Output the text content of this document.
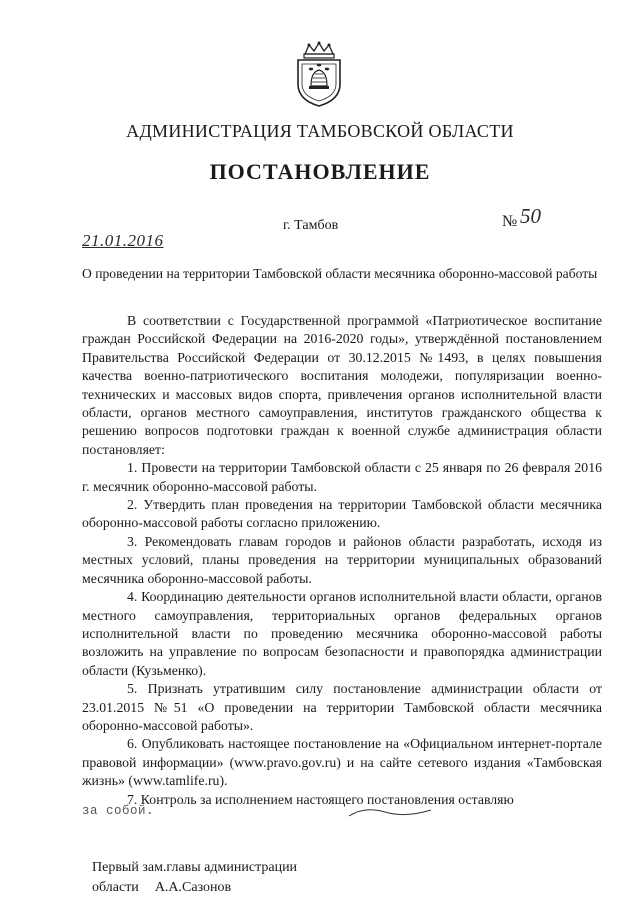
АДМИНИСТРАЦИЯ ТАМБОВСКОЙ ОБЛАСТИ
ПОСТАНОВЛЕНИЕ
г. Тамбов	№ 50
21.01.2016
О проведении на территории Тамбовской области месячника оборонно-массовой работы

В соответствии с Государственной программой «Патриотическое воспитание граждан Российской Федерации на 2016-2020 годы», утверждённой постановлением Правительства Российской Федерации от 30.12.2015 №1493, в целях повышения качества военно-патриотического воспитания молодежи, популяризации военно-технических и массовых видов спорта, привлечения органов исполнительной власти области, органов местного самоуправления, институтов гражданского общества к решению вопросов подготовки граждан к военной службе администрация области постановляет:

1. Провести на территории Тамбовской области с 25 января по 26 февраля 2016 г. месячник оборонно-массовой работы.

2. Утвердить план проведения на территории Тамбовской области месячника оборонно-массовой работы согласно приложению.

3. Рекомендовать главам городов и районов области разработать, исходя из местных условий, планы проведения на территории муниципальных образований месячника оборонно-массовой работы.

4. Координацию деятельности органов исполнительной власти области, органов местного самоуправления, территориальных органов федеральных органов исполнительной власти по проведению месячника оборонно-массовой работы возложить на управление по вопросам безопасности и правопорядка администрации области (Кузьменко).

5. Признать утратившим силу постановление администрации области от 23.01.2015 №51 «О проведении на территории Тамбовской области месячника оборонно-массовой работы».

6. Опубликовать настоящее постановление на «Официальном интернет-портале правовой информации» (www.pravo.gov.ru) и на сайте сетевого издания «Тамбовская жизнь» (www.tamlife.ru).

7. Контроль за исполнением настоящего постановления оставляю

за собой.
Первый зам.главы администрации
области А.А.Сазонов
